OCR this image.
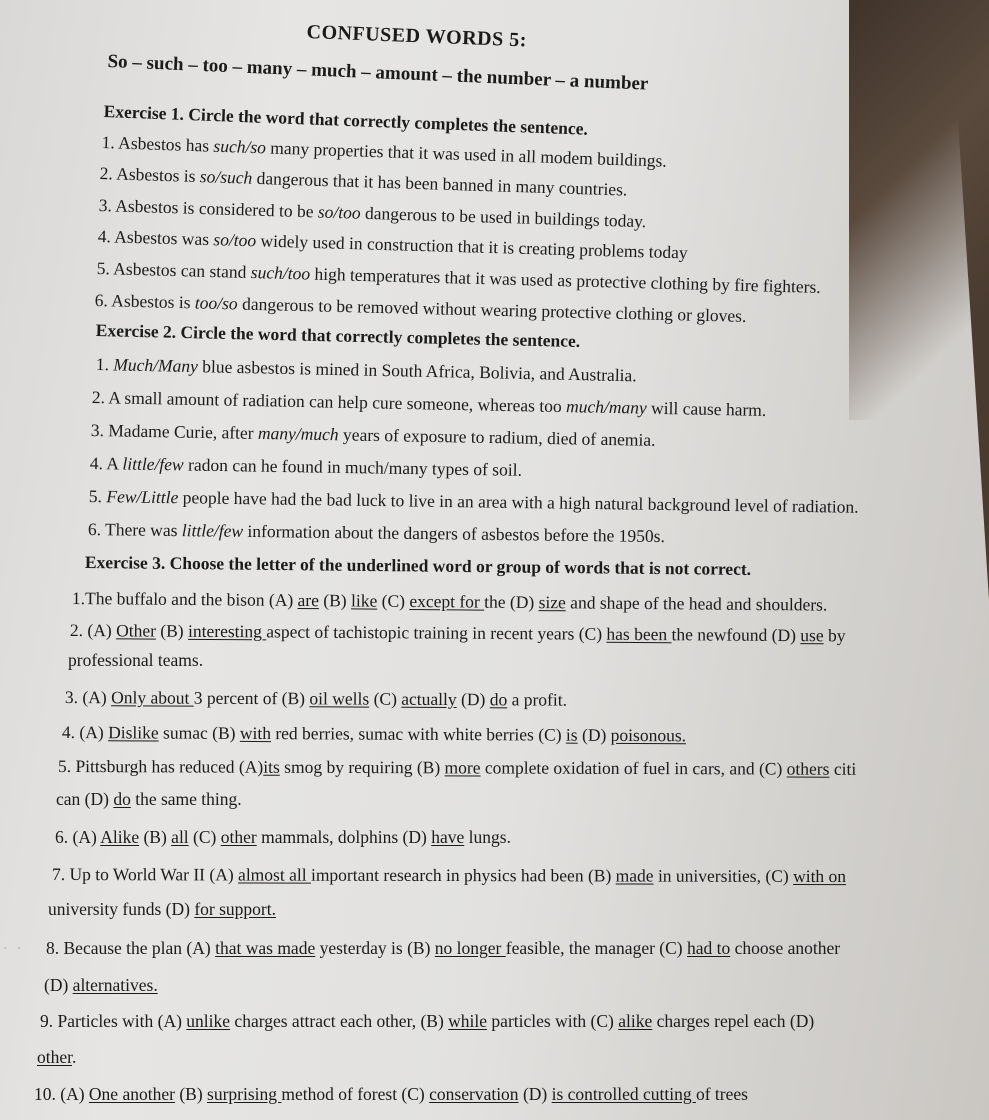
CONFUSED WORDS 5:
So – such – too – many – much – amount – the number – a number
Exercise 1. Circle the word that correctly completes the sentence.
1. Asbestos has such/so many properties that it was used in all modem buildings.
2. Asbestos is so/such dangerous that it has been banned in many countries.
3. Asbestos is considered to be so/too dangerous to be used in buildings today.
4. Asbestos was so/too widely used in construction that it is creating problems today
5. Asbestos can stand such/too high temperatures that it was used as protective clothing by fire fighters.
6. Asbestos is too/so dangerous to be removed without wearing protective clothing or gloves.
Exercise 2. Circle the word that correctly completes the sentence.
1. Much/Many blue asbestos is mined in South Africa, Bolivia, and Australia.
2. A small amount of radiation can help cure someone, whereas too much/many will cause harm.
3. Madame Curie, after many/much years of exposure to radium, died of anemia.
4. A little/few radon can he found in much/many types of soil.
5. Few/Little people have had the bad luck to live in an area with a high natural background level of radiation.
6. There was little/few information about the dangers of asbestos before the 1950s.
Exercise 3. Choose the letter of the underlined word or group of words that is not correct.
1.The buffalo and the bison (A) are (B) like (C) except for the (D) size and shape of the head and shoulders.
2. (A) Other (B) interesting aspect of tachistopic training in recent years (C) has been the newfound (D) use by
professional teams.
3. (A) Only about 3 percent of (B) oil wells (C) actually (D) do a profit.
4. (A) Dislike sumac (B) with red berries, sumac with white berries (C) is (D) poisonous.
5. Pittsburgh has reduced (A)its smog by requiring (B) more complete oxidation of fuel in cars, and (C) others citi
can (D) do the same thing.
6. (A) Alike (B) all (C) other mammals, dolphins (D) have lungs.
7. Up to World War II (A) almost all important research in physics had been (B) made in universities, (C) with on
university funds (D) for support.
・ ・	8. Because the plan (A) that was made yesterday is (B) no longer feasible, the manager (C) had to choose another
(D) alternatives.
9. Particles with (A) unlike charges attract each other, (B) while particles with (C) alike charges repel each (D)
other.
10. (A) One another (B) surprising method of forest (C) conservation (D) is controlled cutting of trees
